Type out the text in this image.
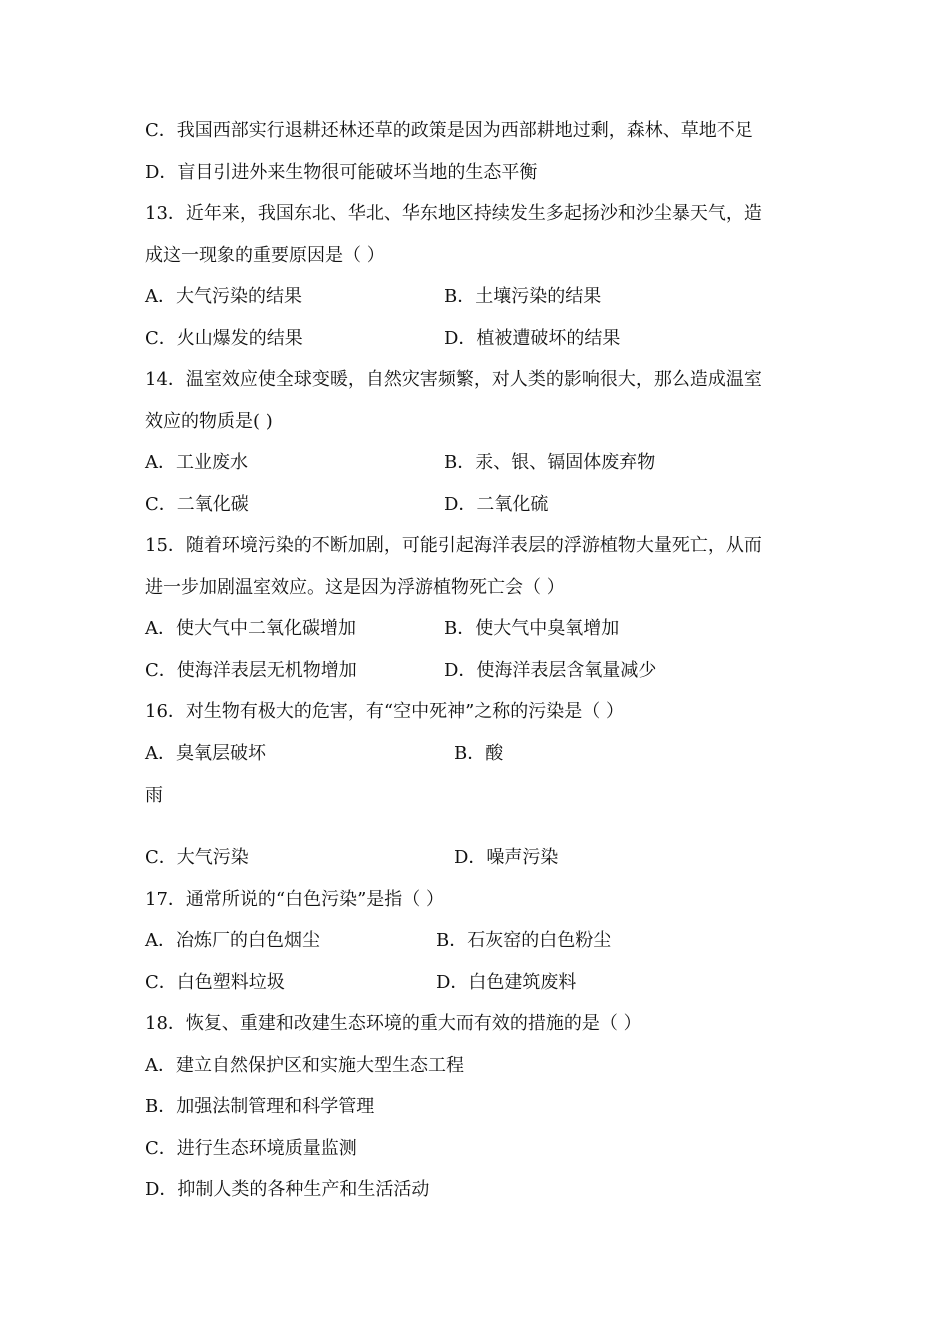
C．我国西部实行退耕还林还草的政策是因为西部耕地过剩，森林、草地不足
D．盲目引进外来生物很可能破坏当地的生态平衡
13．近年来，我国东北、华北、华东地区持续发生多起扬沙和沙尘暴天气，造
成这一现象的重要原因是（ ）
A．大气污染的结果	B．土壤污染的结果
C．火山爆发的结果	D．植被遭破坏的结果
14．温室效应使全球变暖，自然灾害频繁，对人类的影响很大，那么造成温室
效应的物质是( )
A．工业废水	B．汞、银、镉固体废弃物
C．二氧化碳	D．二氧化硫
15．随着环境污染的不断加剧，可能引起海洋表层的浮游植物大量死亡，从而
进一步加剧温室效应。这是因为浮游植物死亡会（ ）
A．使大气中二氧化碳增加	B．使大气中臭氧增加
C．使海洋表层无机物增加	D．使海洋表层含氧量减少
16．对生物有极大的危害，有“空中死神”之称的污染是（ ）
A．臭氧层破坏	B．酸
雨
C．大气污染	D．噪声污染
17．通常所说的“白色污染”是指（ ）
A．冶炼厂的白色烟尘	B．石灰窑的白色粉尘
C．白色塑料垃圾	D．白色建筑废料
18．恢复、重建和改建生态环境的重大而有效的措施的是（ ）
A．建立自然保护区和实施大型生态工程
B．加强法制管理和科学管理
C．进行生态环境质量监测
D．抑制人类的各种生产和生活活动
